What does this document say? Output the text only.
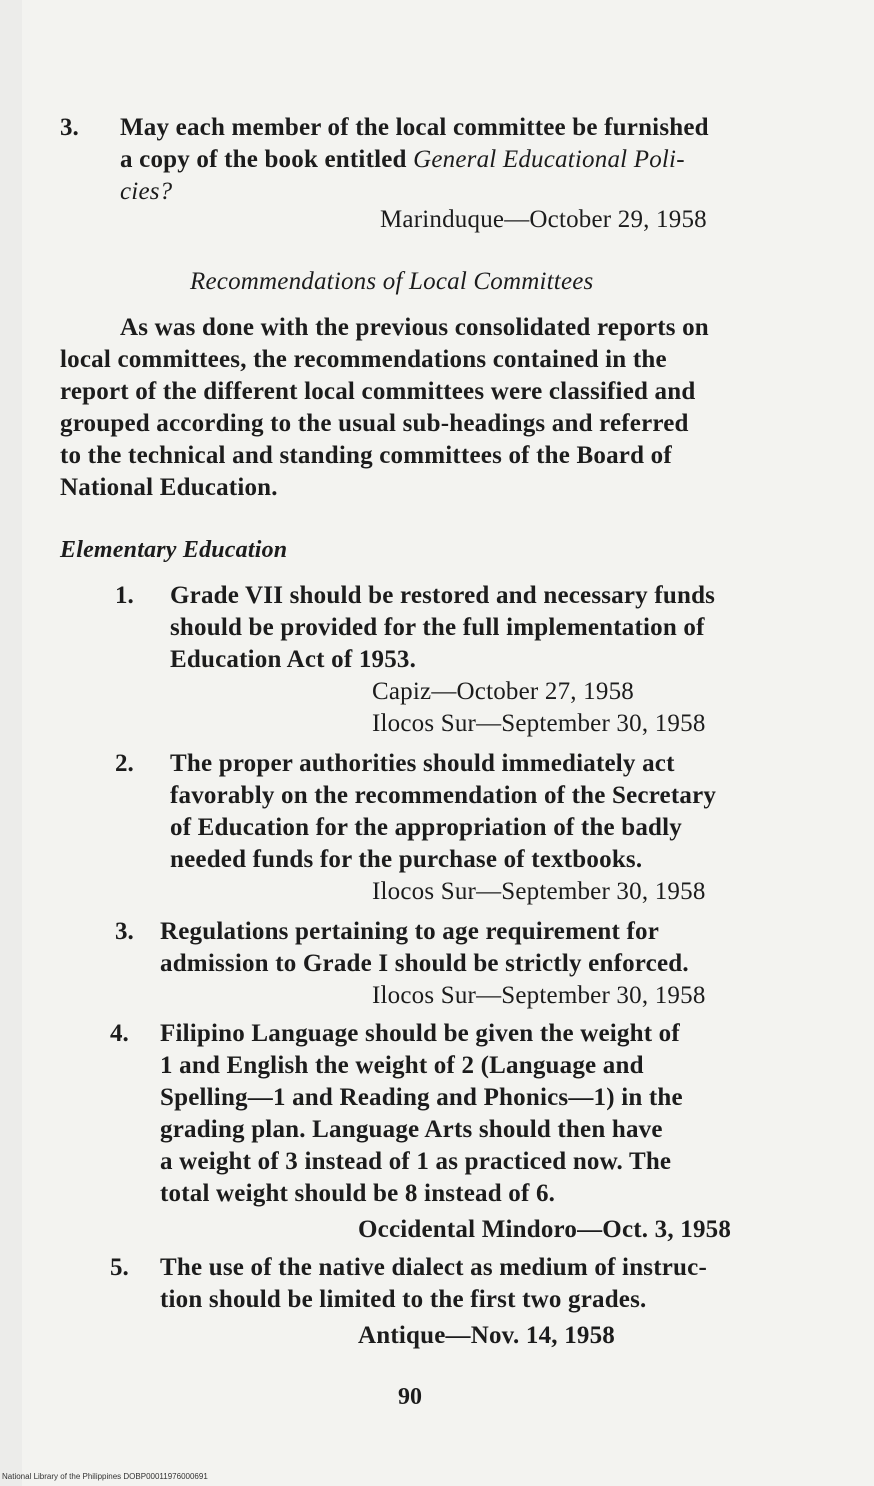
3. May each member of the local committee be furnished
a copy of the book entitled General Educational Poli-
cies?
Marinduque—October 29, 1958
Recommendations of Local Committees
As was done with the previous consolidated reports on
local committees, the recommendations contained in the
report of the different local committees were classified and
grouped according to the usual sub-headings and referred
to the technical and standing committees of the Board of
National Education.
Elementary Education
1. Grade VII should be restored and necessary funds
should be provided for the full implementation of
Education Act of 1953.
Capiz—October 27, 1958
Ilocos Sur—September 30, 1958
2. The proper authorities should immediately act
favorably on the recommendation of the Secretary
of Education for the appropriation of the badly
needed funds for the purchase of textbooks.
Ilocos Sur—September 30, 1958
3. Regulations pertaining to age requirement for
admission to Grade I should be strictly enforced.
Ilocos Sur—September 30, 1958
4. Filipino Language should be given the weight of
1 and English the weight of 2 (Language and
Spelling—1 and Reading and Phonics—1) in the
grading plan. Language Arts should then have
a weight of 3 instead of 1 as practiced now. The
total weight should be 8 instead of 6.
Occidental Mindoro—Oct. 3, 1958
5. The use of the native dialect as medium of instruc-
tion should be limited to the first two grades.
Antique—Nov. 14, 1958
90
National Library of the Philippines DOBP00011976000691
